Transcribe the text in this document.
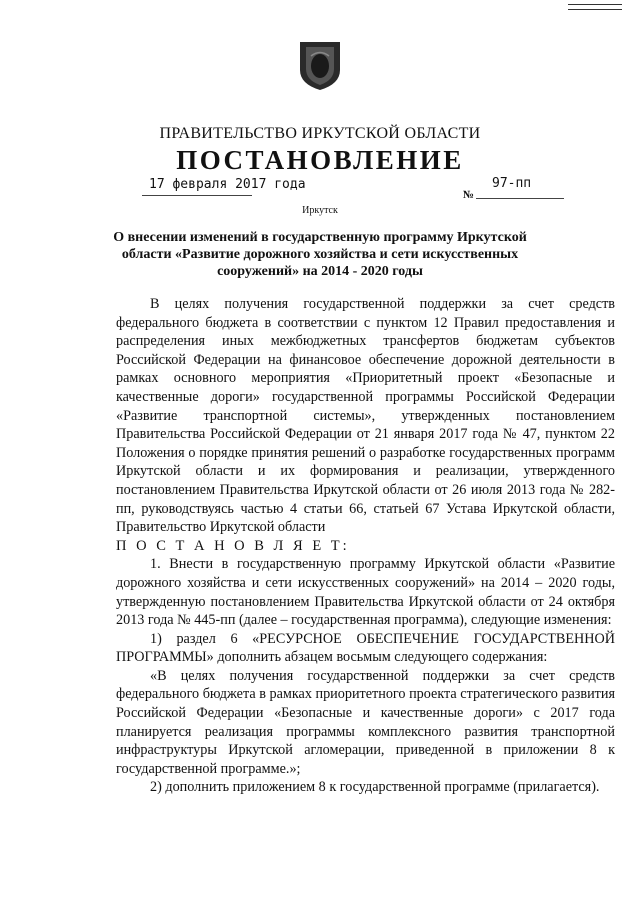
ПРАВИТЕЛЬСТВО ИРКУТСКОЙ ОБЛАСТИ
ПОСТАНОВЛЕНИЕ
17 февраля 2017 года
№
97-пп
Иркутск
О внесении изменений в государственную программу Иркутской
области «Развитие дорожного хозяйства и сети искусственных
сооружений» на 2014 - 2020 годы

В целях получения государственной поддержки за счет средств федерального бюджета в соответствии с пунктом 12 Правил предоставления и распределения иных межбюджетных трансфертов бюджетам субъектов Российской Федерации на финансовое обеспечение дорожной деятельности в рамках основного мероприятия «Приоритетный проект «Безопасные и качественные дороги» государственной программы Российской Федерации «Развитие транспортной системы», утвержденных постановлением Правительства Российской Федерации от 21 января 2017 года № 47, пунктом 22 Положения о порядке принятия решений о разработке государственных программ Иркутской области и их формирования и реализации, утвержденного постановлением Правительства Иркутской области от 26 июля 2013 года № 282-пп, руководствуясь частью 4 статьи 66, статьей 67 Устава Иркутской области, Правительство Иркутской области

П О С Т А Н О В Л Я Е Т:

1. Внести в государственную программу Иркутской области «Развитие дорожного хозяйства и сети искусственных сооружений» на 2014 – 2020 годы, утвержденную постановлением Правительства Иркутской области от 24 октября 2013 года № 445-пп (далее – государственная программа), следующие изменения:

1) раздел 6 «РЕСУРСНОЕ ОБЕСПЕЧЕНИЕ ГОСУДАРСТВЕННОЙ ПРОГРАММЫ» дополнить абзацем восьмым следующего содержания:

«В целях получения государственной поддержки за счет средств федерального бюджета в рамках приоритетного проекта стратегического развития Российской Федерации «Безопасные и качественные дороги» с 2017 года планируется реализация программы комплексного развития транспортной инфраструктуры Иркутской агломерации, приведенной в приложении 8 к государственной программе.»;

2) дополнить приложением 8 к государственной программе (прилагается).
